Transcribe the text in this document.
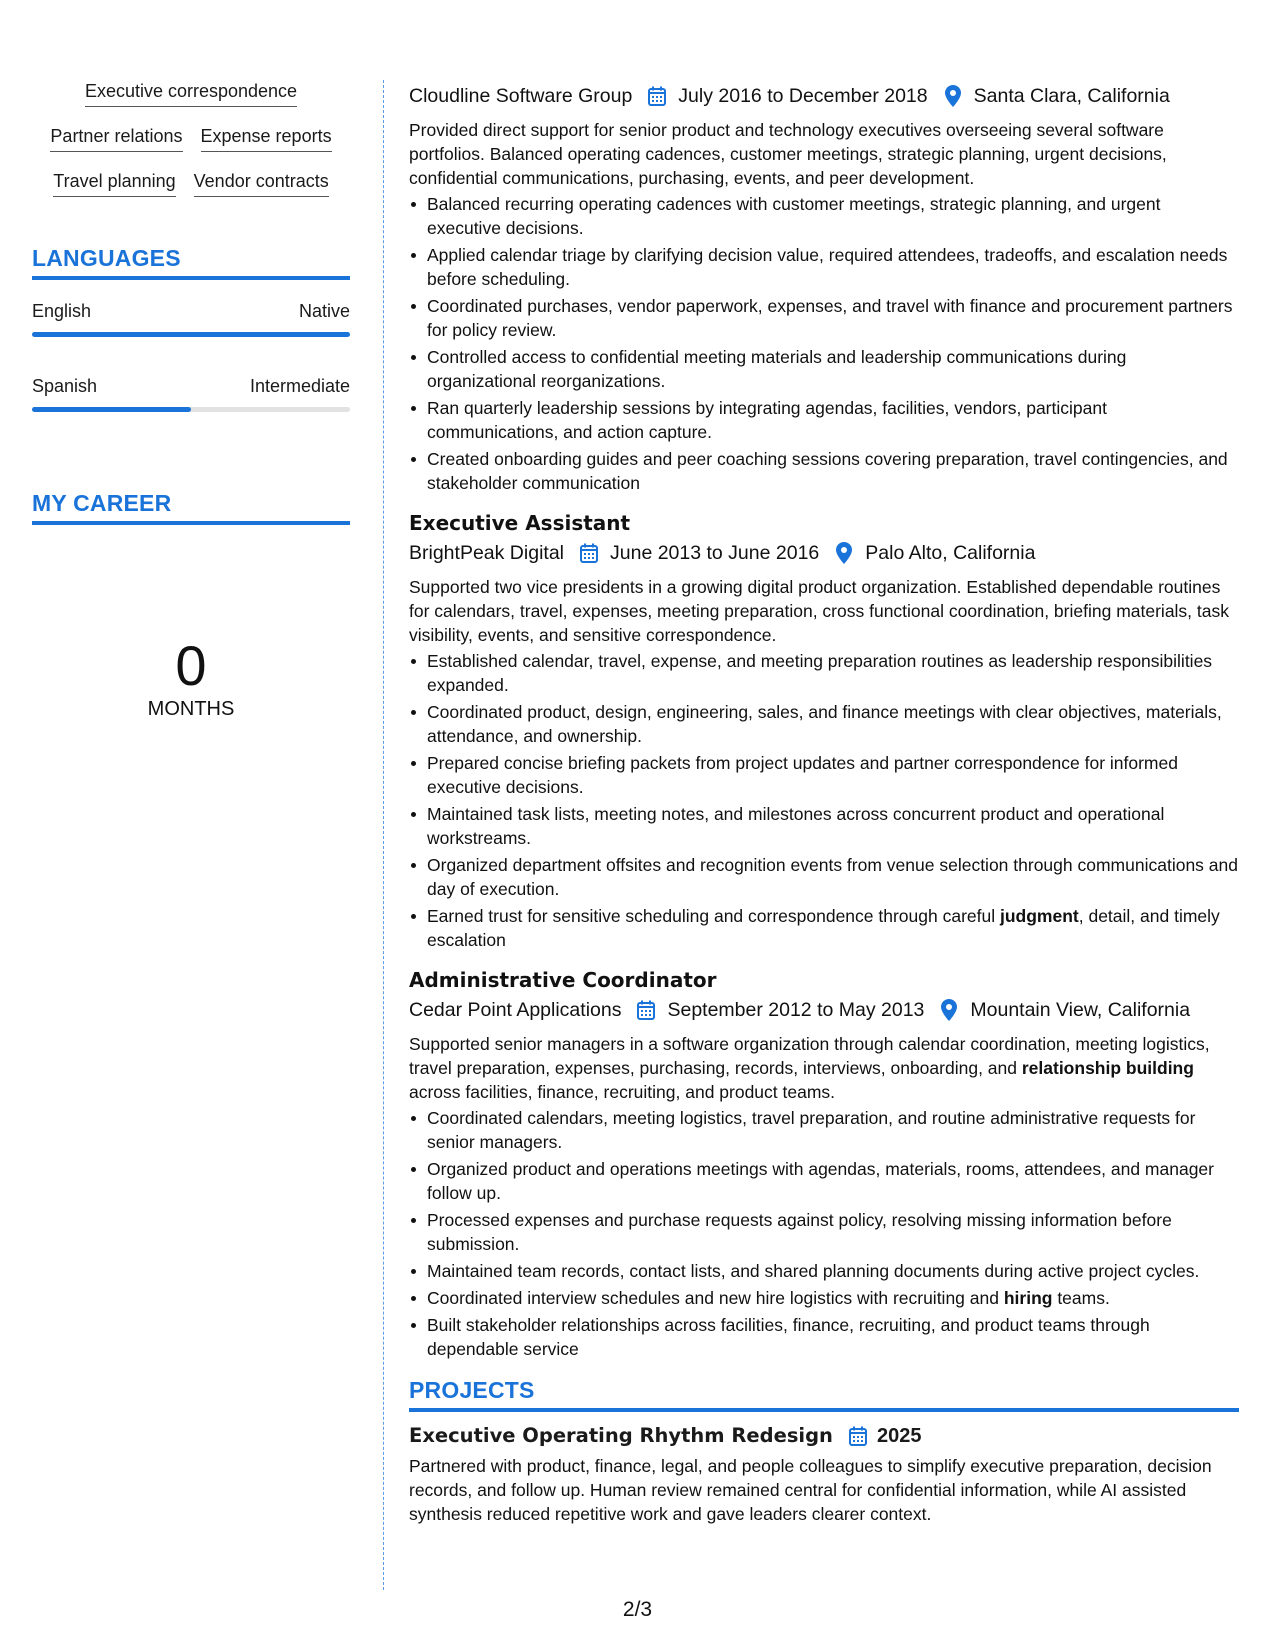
Executive correspondence
Partner relations Expense reports
Travel planning Vendor contracts
LANGUAGES
English	Native
Spanish	Intermediate
MY CAREER
0
MONTHS
Cloudline Software Group July 2016 to December 2018 Santa Clara, California

Provided direct support for senior product and technology executives overseeing several software portfolios. Balanced operating cadences, customer meetings, strategic planning, urgent decisions, confidential communications, purchasing, events, and peer development.

Balanced recurring operating cadences with customer meetings, strategic planning, and urgent executive decisions.
Applied calendar triage by clarifying decision value, required attendees, tradeoffs, and escalation needs before scheduling.
Coordinated purchases, vendor paperwork, expenses, and travel with finance and procurement partners for policy review.
Controlled access to confidential meeting materials and leadership communications during organizational reorganizations.
Ran quarterly leadership sessions by integrating agendas, facilities, vendors, participant communications, and action capture.
Created onboarding guides and peer coaching sessions covering preparation, travel contingencies, and stakeholder communication
Executive Assistant
BrightPeak Digital June 2013 to June 2016 Palo Alto, California

Supported two vice presidents in a growing digital product organization. Established dependable routines for calendars, travel, expenses, meeting preparation, cross functional coordination, briefing materials, task visibility, events, and sensitive correspondence.

Established calendar, travel, expense, and meeting preparation routines as leadership responsibilities expanded.
Coordinated product, design, engineering, sales, and finance meetings with clear objectives, materials, attendance, and ownership.
Prepared concise briefing packets from project updates and partner correspondence for informed executive decisions.
Maintained task lists, meeting notes, and milestones across concurrent product and operational workstreams.
Organized department offsites and recognition events from venue selection through communications and day of execution.
Earned trust for sensitive scheduling and correspondence through careful judgment, detail, and timely escalation
Administrative Coordinator
Cedar Point Applications September 2012 to May 2013 Mountain View, California

Supported senior managers in a software organization through calendar coordination, meeting logistics, travel preparation, expenses, purchasing, records, interviews, onboarding, and relationship building across facilities, finance, recruiting, and product teams.

Coordinated calendars, meeting logistics, travel preparation, and routine administrative requests for senior managers.
Organized product and operations meetings with agendas, materials, rooms, attendees, and manager follow up.
Processed expenses and purchase requests against policy, resolving missing information before submission.
Maintained team records, contact lists, and shared planning documents during active project cycles.
Coordinated interview schedules and new hire logistics with recruiting and hiring teams.
Built stakeholder relationships across facilities, finance, recruiting, and product teams through dependable service
PROJECTS
Executive Operating Rhythm Redesign 2025

Partnered with product, finance, legal, and people colleagues to simplify executive preparation, decision records, and follow up. Human review remained central for confidential information, while AI assisted synthesis reduced repetitive work and gave leaders clearer context.

2/3
